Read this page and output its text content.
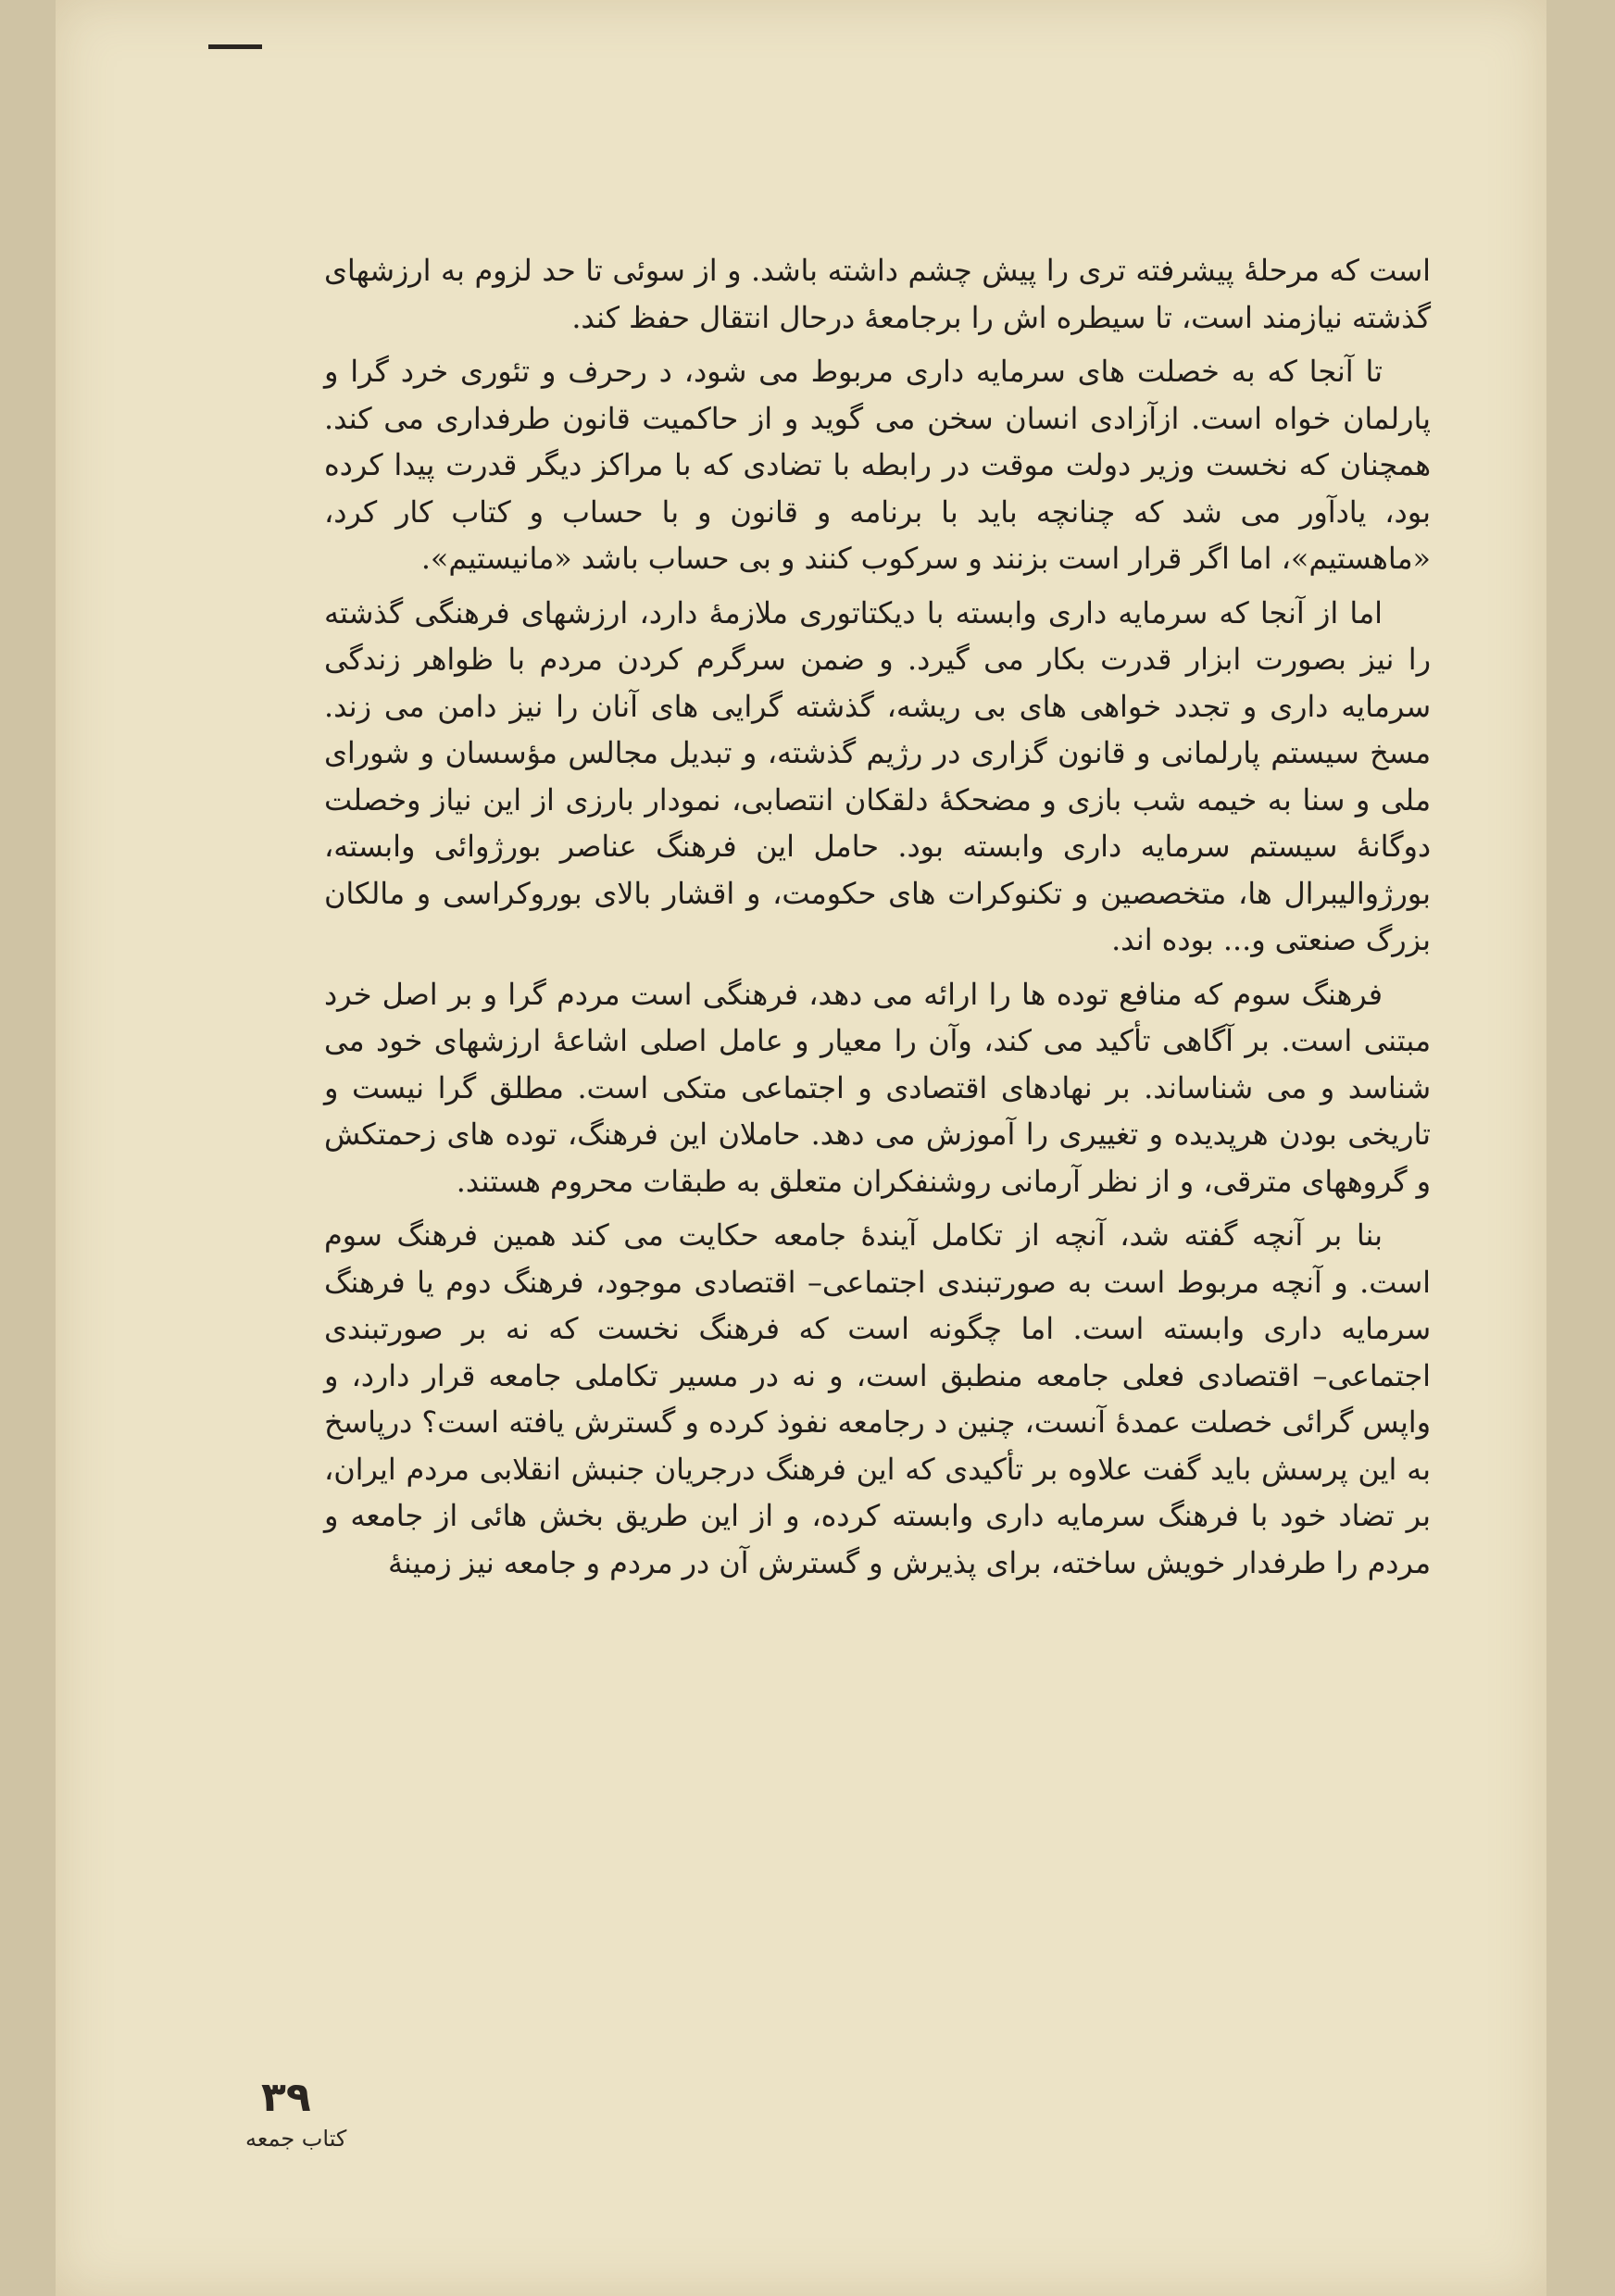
است که مرحلهٔ پیشرفته تری را پیش چشم داشته باشد. و از سوئی تا حد لزوم به ارزشهای گذشته نیازمند است، تا سیطره اش را برجامعهٔ درحال انتقال حفظ کند.

تا آنجا که به خصلت های سرمایه داری مربوط می شود، د رحرف و تئوری خرد گرا و پارلمان خواه است. ازآزادی انسان سخن می گوید و از حاکمیت قانون طرفداری می کند. همچنان که نخست وزیر دولت موقت در رابطه با تضادی که با مراکز دیگر قدرت پیدا کرده بود، یادآور می شد که چنانچه باید با برنامه و قانون و با حساب و کتاب کار کرد، «ماهستیم»، اما اگر قرار است بزنند و سرکوب کنند و بی حساب باشد «مانیستیم».

اما از آنجا که سرمایه داری وابسته با دیکتاتوری ملازمهٔ دارد، ارزشهای فرهنگی گذشته را نیز بصورت ابزار قدرت بکار می گیرد. و ضمن سرگرم کردن مردم با ظواهر زندگی سرمایه داری و تجدد خواهی های بی ریشه، گذشته گرایی های آنان را نیز دامن می زند. مسخ سیستم پارلمانی و قانون گزاری در رژیم گذشته، و تبدیل مجالس مؤسسان و شورای ملی و سنا به خیمه شب بازی و مضحکهٔ دلقکان انتصابی، نمودار بارزی از این نیاز وخصلت دوگانهٔ سیستم سرمایه داری وابسته بود. حامل این فرهنگ عناصر بورژوائی وابسته، بورژوالیبرال ها، متخصصین و تکنوکرات های حکومت، و اقشار بالای بوروکراسی و مالکان بزرگ صنعتی و... بوده اند.

فرهنگ سوم که منافع توده ها را ارائه می دهد، فرهنگی است مردم گرا و بر اصل خرد مبتنی است. بر آگاهی تأکید می کند، وآن را معیار و عامل اصلی اشاعهٔ ارزشهای خود می شناسد و می شناساند. بر نهادهای اقتصادی و اجتماعی متکی است. مطلق گرا نیست و تاریخی بودن هرپدیده و تغییری را آموزش می دهد. حاملان این فرهنگ، توده های زحمتکش و گروههای مترقی، و از نظر آرمانی روشنفکران متعلق به طبقات محروم هستند.

بنا بر آنچه گفته شد، آنچه از تکامل آیندهٔ جامعه حکایت می کند همین فرهنگ سوم است. و آنچه مربوط است به صورتبندی اجتماعی– اقتصادی موجود، فرهنگ دوم یا فرهنگ سرمایه داری وابسته است. اما چگونه است که فرهنگ نخست که نه بر صورتبندی اجتماعی– اقتصادی فعلی جامعه منطبق است، و نه در مسیر تکاملی جامعه قرار دارد، و واپس گرائی خصلت عمدهٔ آنست، چنین د رجامعه نفوذ کرده و گسترش یافته است؟ درپاسخ به این پرسش باید گفت علاوه بر تأکیدی که این فرهنگ درجریان جنبش انقلابی مردم ایران، بر تضاد خود با فرهنگ سرمایه داری وابسته کرده، و از این طریق بخش هائی از جامعه و مردم را طرفدار خویش ساخته، برای پذیرش و گسترش آن در مردم و جامعه نیز زمینهٔ

۳۹
کتاب جمعه
